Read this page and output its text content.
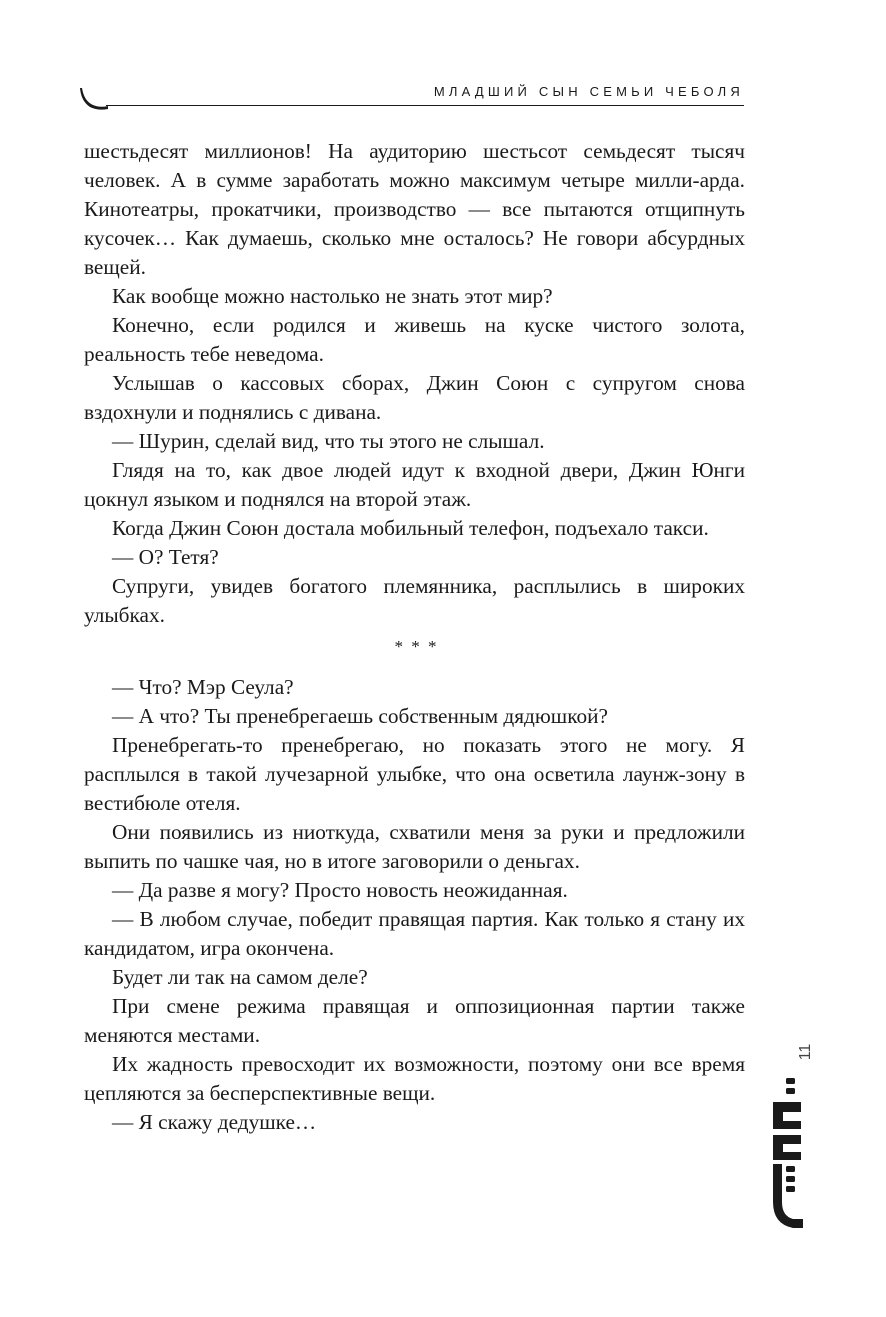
МЛАДШИЙ СЫН СЕМЬИ ЧЕБОЛЯ

шестьдесят миллионов! На аудиторию шестьсот семьдесят тысяч человек. А в сумме заработать можно максимум четыре милли-арда. Кинотеатры, прокатчики, производство — все пытаются отщипнуть кусочек… Как думаешь, сколько мне осталось? Не говори абсурдных вещей.

Как вообще можно настолько не знать этот мир?

Конечно, если родился и живешь на куске чистого золота, реальность тебе неведома.

Услышав о кассовых сборах, Джин Союн с супругом снова вздохнули и поднялись с дивана.

— Шурин, сделай вид, что ты этого не слышал.

Глядя на то, как двое людей идут к входной двери, Джин Юнги цокнул языком и поднялся на второй этаж.

Когда Джин Союн достала мобильный телефон, подъехало такси.

— О? Тетя?

Супруги, увидев богатого племянника, расплылись в широких улыбках.

* * *

— Что? Мэр Сеула?

— А что? Ты пренебрегаешь собственным дядюшкой?

Пренебрегать-то пренебрегаю, но показать этого не могу. Я расплылся в такой лучезарной улыбке, что она осветила лаунж-зону в вестибюле отеля.

Они появились из ниоткуда, схватили меня за руки и предложили выпить по чашке чая, но в итоге заговорили о деньгах.

— Да разве я могу? Просто новость неожиданная.

— В любом случае, победит правящая партия. Как только я стану их кандидатом, игра окончена.

Будет ли так на самом деле?

При смене режима правящая и оппозиционная партии также меняются местами.

Их жадность превосходит их возможности, поэтому они все время цепляются за бесперспективные вещи.

— Я скажу дедушке…

11
